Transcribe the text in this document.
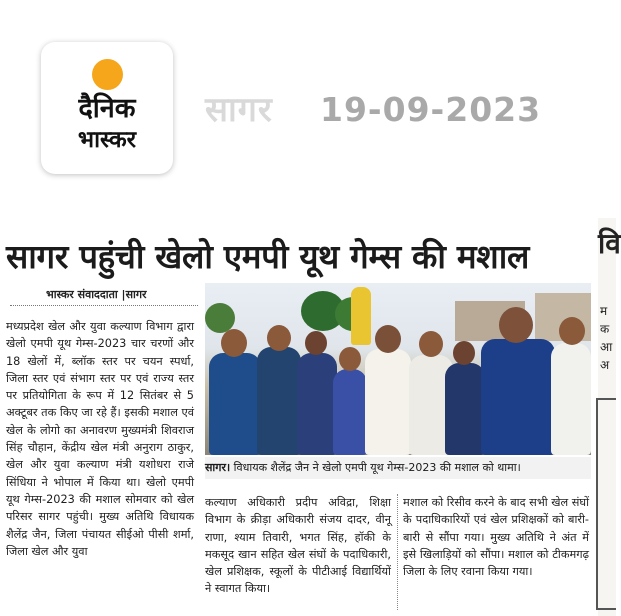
दैनिक
भास्कर
सागर 19-09-2023
वि
म
क
आ
अ
सागर पहुंची खेलो एमपी यूथ गेम्स की मशाल
भास्कर संवाददाता |सागर

मध्यप्रदेश खेल और युवा कल्याण विभाग द्वारा खेलो एमपी यूथ गेम्स-2023 चार चरणों और 18 खेलों में, ब्लॉक स्तर पर चयन स्पर्धा, जिला स्तर एवं संभाग स्तर पर एवं राज्य स्तर पर प्रतियोगिता के रूप में 12 सितंबर से 5 अक्टूबर तक किए जा रहे हैं। इसकी मशाल एवं खेल के लोगो का अनावरण मुख्यमंत्री शिवराज सिंह चौहान, केंद्रीय खेल मंत्री अनुराग ठाकुर, खेल और युवा कल्याण मंत्री यशोधरा राजे सिंधिया ने भोपाल में किया था। खेलो एमपी यूथ गेम्स-2023 की मशाल सोमवार को खेल परिसर सागर पहुंची। मुख्य अतिथि विधायक शैलेंद्र जैन, जिला पंचायत सीईओ पीसी शर्मा, जिला खेल और युवा

सागर। विधायक शैलेंद्र जैन ने खेलो एमपी यूथ गेम्स-2023 की मशाल को थामा।
कल्याण अधिकारी प्रदीप अविद्रा, शिक्षा विभाग के क्रीड़ा अधिकारी संजय दादर, वीनू राणा, श्याम तिवारी, भगत सिंह, हॉकी के मकसूद खान सहित खेल संघों के पदाधिकारी, खेल प्रशिक्षक, स्कूलों के पीटीआई विद्यार्थियों ने स्वागत किया।
मशाल को रिसीव करने के बाद सभी खेल संघों के पदाधिकारियों एवं खेल प्रशिक्षकों को बारी-बारी से सौंपा गया। मुख्य अतिथि ने अंत में इसे खिलाड़ियों को सौंपा। मशाल को टीकमगढ़ जिला के लिए रवाना किया गया।
